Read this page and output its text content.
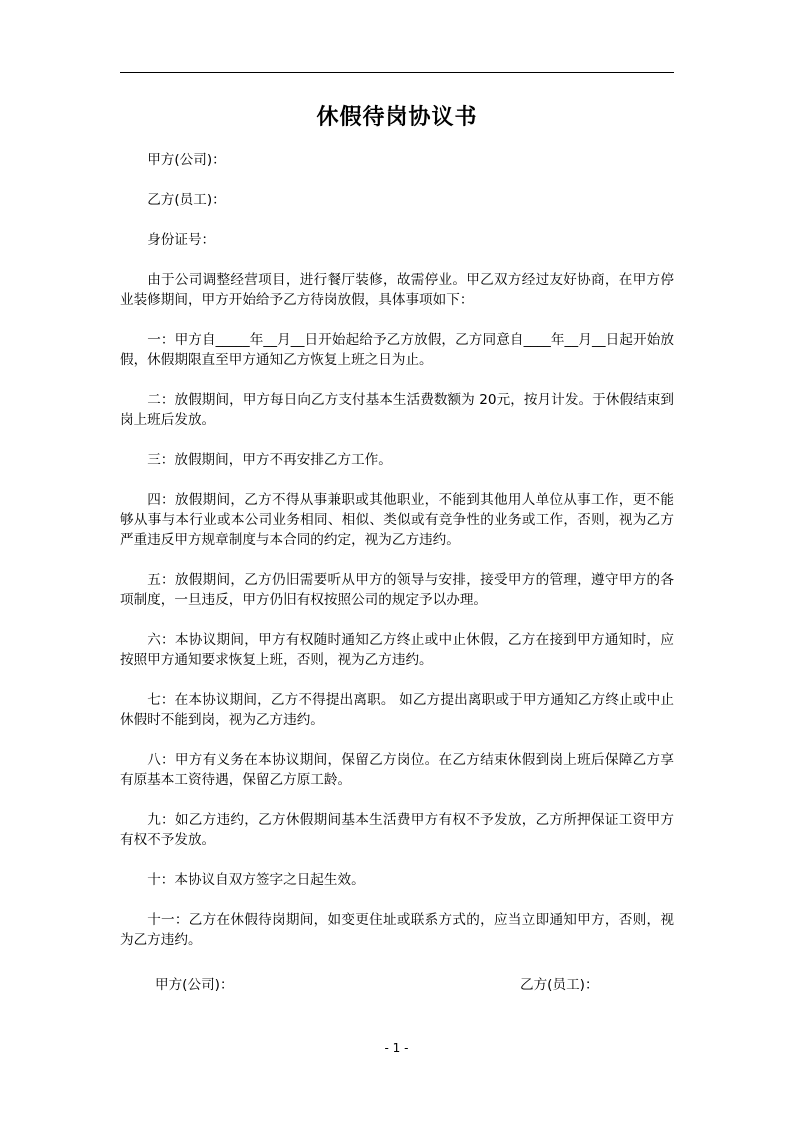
休假待岗协议书

甲方(公司)：

乙方(员工)：

身份证号：

由于公司调整经营项目，进行餐厅装修，故需停业。甲乙双方经过友好协商，在甲方停业装修期间，甲方开始给予乙方待岗放假，具体事项如下：

一：甲方自_____年__月__日开始起给予乙方放假，乙方同意自____年__月__日起开始放假，休假期限直至甲方通知乙方恢复上班之日为止。

二：放假期间，甲方每日向乙方支付基本生活费数额为 20元，按月计发。于休假结束到岗上班后发放。

三：放假期间，甲方不再安排乙方工作。

四：放假期间，乙方不得从事兼职或其他职业，不能到其他用人单位从事工作，更不能够从事与本行业或本公司业务相同、相似、类似或有竞争性的业务或工作，否则，视为乙方严重违反甲方规章制度与本合同的约定，视为乙方违约。

五：放假期间，乙方仍旧需要听从甲方的领导与安排，接受甲方的管理，遵守甲方的各项制度，一旦违反，甲方仍旧有权按照公司的规定予以办理。

六：本协议期间，甲方有权随时通知乙方终止或中止休假，乙方在接到甲方通知时，应按照甲方通知要求恢复上班，否则，视为乙方违约。

七：在本协议期间，乙方不得提出离职。 如乙方提出离职或于甲方通知乙方终止或中止休假时不能到岗，视为乙方违约。

八：甲方有义务在本协议期间，保留乙方岗位。在乙方结束休假到岗上班后保障乙方享有原基本工资待遇，保留乙方原工龄。

九：如乙方违约，乙方休假期间基本生活费甲方有权不予发放，乙方所押保证工资甲方有权不予发放。

十：本协议自双方签字之日起生效。

十一：乙方在休假待岗期间，如变更住址或联系方式的，应当立即通知甲方，否则，视为乙方违约。

甲方(公司)：	乙方(员工)：
- 1 -
